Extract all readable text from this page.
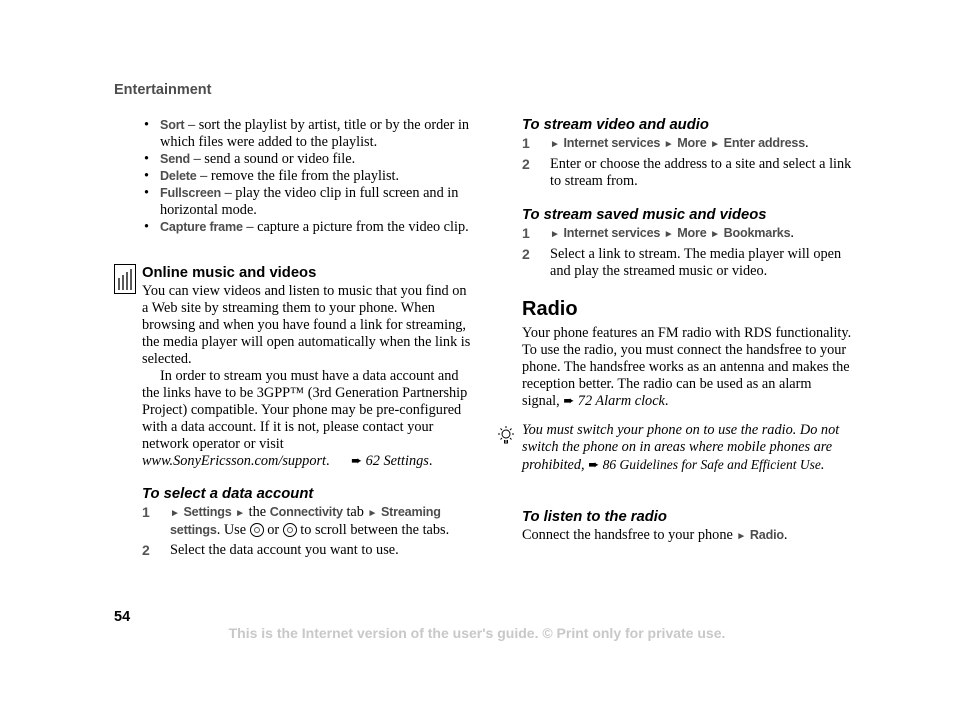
Entertainment
• Sort – sort the playlist by artist, title or by the order in which files were added to the playlist.
• Send – send a sound or video file.
• Delete – remove the file from the playlist.
• Fullscreen – play the video clip in full screen and in horizontal mode.
• Capture frame – capture a picture from the video clip.
Online music and videos
You can view videos and listen to music that you find on a Web site by streaming them to your phone. When browsing and when you have found a link for streaming, the media player will open automatically when the link is selected.
In order to stream you must have a data account and the links have to be 3GPP™ (3rd Generation Partnership Project) compatible. Your phone may be pre-configured with a data account. If it is not, please contact your network operator or visit www.SonyEricsson.com/support. ➨ 62 Settings.
To select a data account
1 ► Settings ► the Connectivity tab ► Streaming settings. Use  or  to scroll between the tabs.
2 Select the data account you want to use.
54
To stream video and audio
1 ► Internet services ► More ► Enter address.
2 Enter or choose the address to a site and select a link to stream from.
To stream saved music and videos
1 ► Internet services ► More ► Bookmarks.
2 Select a link to stream. The media player will open and play the streamed music or video.
Radio
Your phone features an FM radio with RDS functionality. To use the radio, you must connect the handsfree to your phone. The handsfree works as an antenna and makes the reception better. The radio can be used as an alarm signal, ➨ 72 Alarm clock.
You must switch your phone on to use the radio. Do not switch the phone on in areas where mobile phones are prohibited, ➨ 86 Guidelines for Safe and Efficient Use.
To listen to the radio
Connect the handsfree to your phone ► Radio.
This is the Internet version of the user's guide. © Print only for private use.
